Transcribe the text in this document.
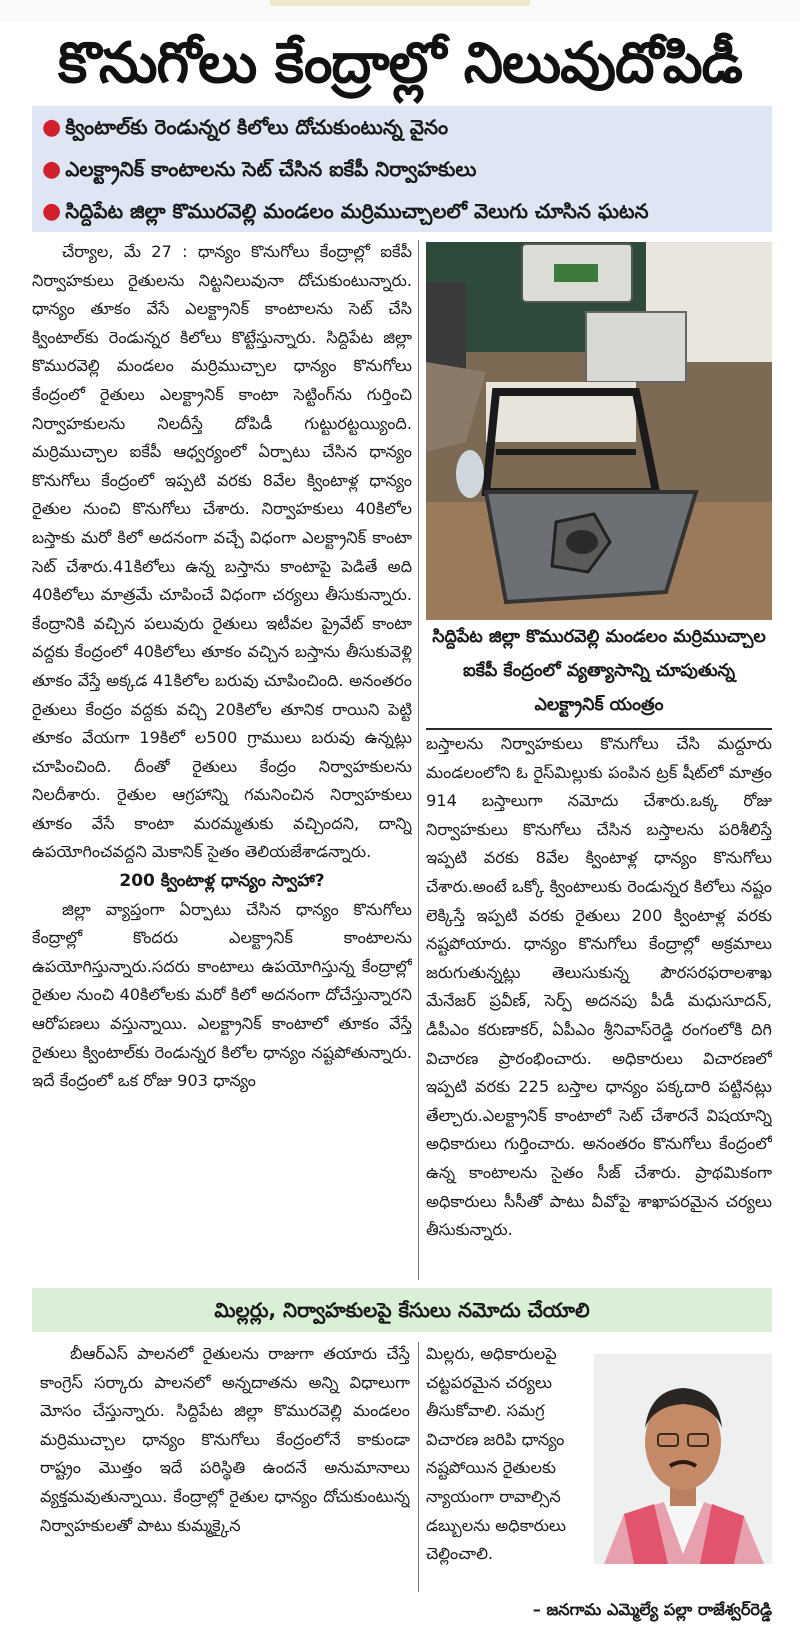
కొనుగోలు కేంద్రాల్లో నిలువుదోపిడీ
● క్వింటాల్‌కు రెండున్నర కిలోలు దోచుకుంటున్న వైనం
● ఎలక్ట్రానిక్‌ కాంటాలను సెట్‌ చేసిన ఐకేపీ నిర్వాహకులు
● సిద్దిపేట జిల్లా కొమురవెల్లి మండలం మర్రిముచ్చాలలో వెలుగు చూసిన ఘటన

చేర్యాల, మే 27 : ధాన్యం కొనుగోలు కేంద్రాల్లో ఐకేపీ నిర్వాహకులు రైతులను నిట్టనిలువునా దోచుకుంటున్నారు. ధాన్యం తూకం వేసే ఎలక్ట్రానిక్‌ కాంటాలను సెట్‌ చేసి క్వింటాల్‌కు రెండున్నర కిలోలు కొట్టేస్తున్నారు. సిద్దిపేట జిల్లా కొమురవెల్లి మండలం మర్రిముచ్చాల ధాన్యం కొనుగోలు కేంద్రంలో రైతులు ఎలక్ట్రానిక్‌ కాంటా సెట్టింగ్‌ను గుర్తించి నిర్వాహకులను నిలదీస్తే దోపిడీ గుట్టురట్టయ్యింది. మర్రిముచ్చాల ఐకేపీ ఆధ్వర్యంలో ఏర్పాటు చేసిన ధాన్యం కొనుగోలు కేంద్రంలో ఇప్పటి వరకు 8వేల క్వింటాళ్ల ధాన్యం రైతుల నుంచి కొనుగోలు చేశారు. నిర్వాహకులు 40కిలోల బస్తాకు మరో కిలో అదనంగా వచ్చే విధంగా ఎలక్ట్రానిక్‌ కాంటా సెట్‌ చేశారు.41కిలోలు ఉన్న బస్తాను కాంటాపై పెడితే అది 40కిలోలు మాత్రమే చూపించే విధంగా చర్యలు తీసుకున్నారు. కేంద్రానికి వచ్చిన పలువురు రైతులు ఇటీవల ప్రైవేట్‌ కాంటా వద్దకు కేంద్రంలో 40కిలోలు తూకం వచ్చిన బస్తాను తీసుకువెళ్లి తూకం వేస్తే అక్కడ 41కిలోల బరువు చూపించింది. అనంతరం రైతులు కేంద్రం వద్దకు వచ్చి 20కిలోల తూనిక రాయిని పెట్టి తూకం వేయగా 19కిలో ల500 గ్రాములు బరువు ఉన్నట్లు చూపించింది. దీంతో రైతులు కేంద్రం నిర్వాహకులను నిలదీశారు. రైతుల ఆగ్రహాన్ని గమనించిన నిర్వాహకులు తూకం వేసే కాంటా మరమ్మతుకు వచ్చిందని, దాన్ని ఉపయోగించవద్దని మెకానిక్‌ సైతం తెలియజేశాడన్నారు.

200 క్వింటాళ్ల ధాన్యం స్వాహా?

జిల్లా వ్యాప్తంగా ఏర్పాటు చేసిన ధాన్యం కొనుగోలు కేంద్రాల్లో కొందరు ఎలక్ట్రానిక్‌ కాంటాలను ఉపయోగిస్తున్నారు.సదరు కాంటాలు ఉపయోగిస్తున్న కేంద్రాల్లో రైతుల నుంచి 40కిలోలకు మరో కిలో అదనంగా దోచేస్తున్నారని ఆరోపణలు వస్తున్నాయి. ఎలక్ట్రానిక్‌ కాంటాలో తూకం వేస్తే రైతులు క్వింటాల్‌కు రెండున్నర కిలోల ధాన్యం నష్టపోతున్నారు. ఇదే కేంద్రంలో ఒక రోజు 903 ధాన్యం

సిద్దిపేట జిల్లా కొమురవెల్లి మండలం మర్రిముచ్చాల ఐకేపీ కేంద్రంలో వ్యత్యాసాన్ని చూపుతున్న ఎలక్ట్రానిక్‌ యంత్రం

బస్తాలను నిర్వాహకులు కొనుగోలు చేసి మద్దూరు మండలంలోని ఓ రైస్‌మిల్లుకు పంపిన ట్రక్‌ షీట్‌లో మాత్రం 914 బస్తాలుగా నమోదు చేశారు.ఒక్క రోజు నిర్వాహకులు కొనుగోలు చేసిన బస్తాలను పరిశీలిస్తే ఇప్పటి వరకు 8వేల క్వింటాళ్ల ధాన్యం కొనుగోలు చేశారు.అంటే ఒక్కో క్వింటాలుకు రెండున్నర కిలోలు నష్టం లెక్కిస్తే ఇప్పటి వరకు రైతులు 200 క్వింటాళ్ల వరకు నష్టపోయారు. ధాన్యం కొనుగోలు కేంద్రాల్లో అక్రమాలు జరుగుతున్నట్లు తెలుసుకున్న పౌరసరఫరాలశాఖ మేనేజర్‌ ప్రవీణ్‌, సెర్ప్‌ అదనపు పీడీ మధుసూదన్‌, డీపీఎం కరుణాకర్‌, ఏపీఎం శ్రీనివాస్‌రెడ్డి రంగంలోకి దిగి విచారణ ప్రారంభించారు. అధికారులు విచారణలో ఇప్పటి వరకు 225 బస్తాల ధాన్యం పక్కదారి పట్టినట్లు తేల్చారు.ఎలక్ట్రానిక్‌ కాంటాలో సెట్‌ చేశారనే విషయాన్ని అధికారులు గుర్తించారు. అనంతరం కొనుగోలు కేంద్రంలో ఉన్న కాంటాలను సైతం సీజ్‌ చేశారు. ప్రాథమికంగా అధికారులు సీసీతో పాటు వీవోపై శాఖాపరమైన చర్యలు తీసుకున్నారు.

మిల్లర్లు, నిర్వాహకులపై కేసులు నమోదు చేయాలి

బీఆర్‌ఎస్‌ పాలనలో రైతులను రాజుగా తయారు చేస్తే కాంగ్రెస్‌ సర్కారు పాలనలో అన్నదాతను అన్ని విధాలుగా మోసం చేస్తున్నారు. సిద్దిపేట జిల్లా కొమురవెల్లి మండలం మర్రిముచ్చాల ధాన్యం కొనుగోలు కేంద్రంలోనే కాకుండా రాష్ట్రం మొత్తం ఇదే పరిస్థితి ఉందనే అనుమానాలు వ్యక్తమవుతున్నాయి. కేంద్రాల్లో రైతుల ధాన్యం దోచుకుంటున్న నిర్వాహకులతో పాటు కుమ్మక్కైన

మిల్లరు, అధికారులపై చట్టపరమైన చర్యలు తీసుకోవాలి. సమగ్ర విచారణ జరిపి ధాన్యం నష్టపోయిన రైతులకు న్యాయంగా రావాల్సిన డబ్బులను అధికారులు చెల్లించాలి.

– జనగామ ఎమ్మెల్యే పల్లా రాజేశ్వర్‌రెడ్డి
